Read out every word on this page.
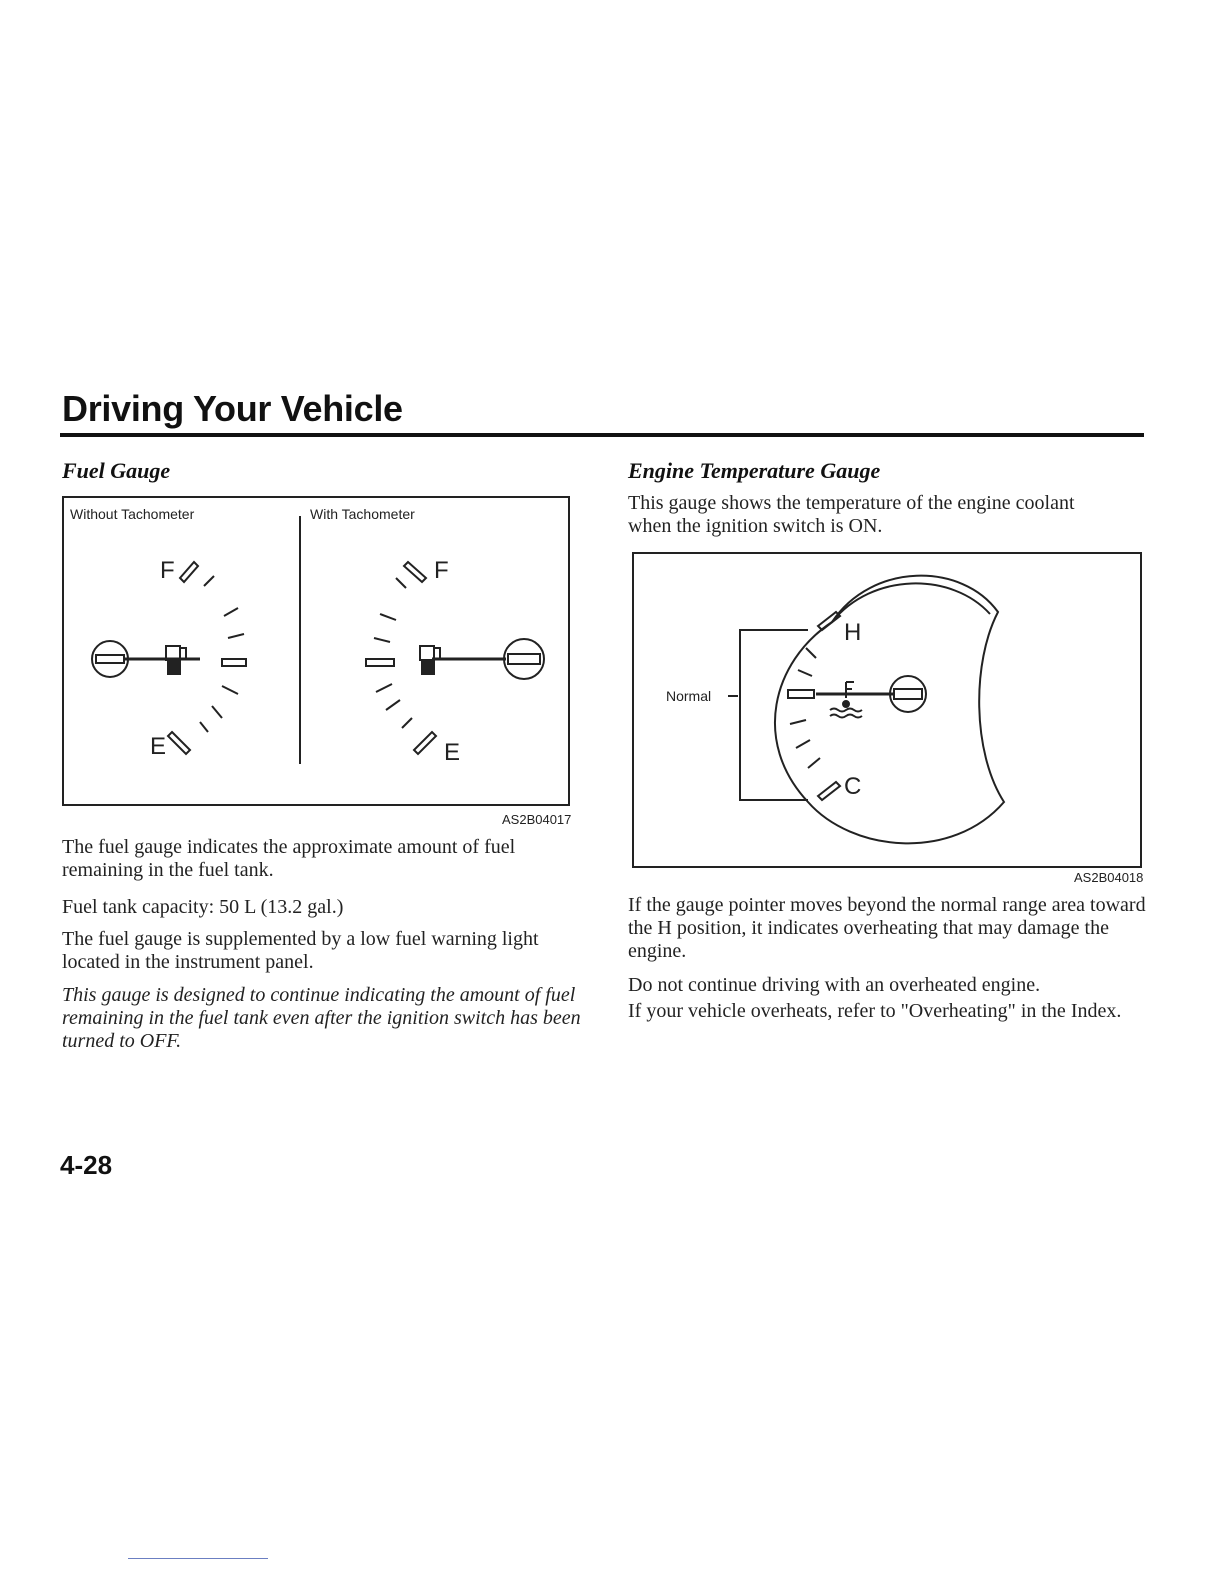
Driving Your Vehicle
Fuel Gauge
F
E
F
E
Without Tachometer	With Tachometer
AS2B04017
The fuel gauge indicates the approximate amount of fuel remaining in the fuel tank.
Fuel tank capacity: 50 L (13.2 gal.)
The fuel gauge is supplemented by a low fuel warning light located in the instrument panel.
This gauge is designed to continue indicating the amount of fuel remaining in the fuel tank even after the ignition switch has been turned to OFF.
Engine Temperature Gauge
This gauge shows the temperature of the engine coolant when the ignition switch is ON.
H
C
Normal
AS2B04018
If the gauge pointer moves beyond the normal range area toward the H position, it indicates overheating that may damage the engine.
Do not continue driving with an overheated engine.
If your vehicle overheats, refer to "Overheating" in the Index.
4-28
